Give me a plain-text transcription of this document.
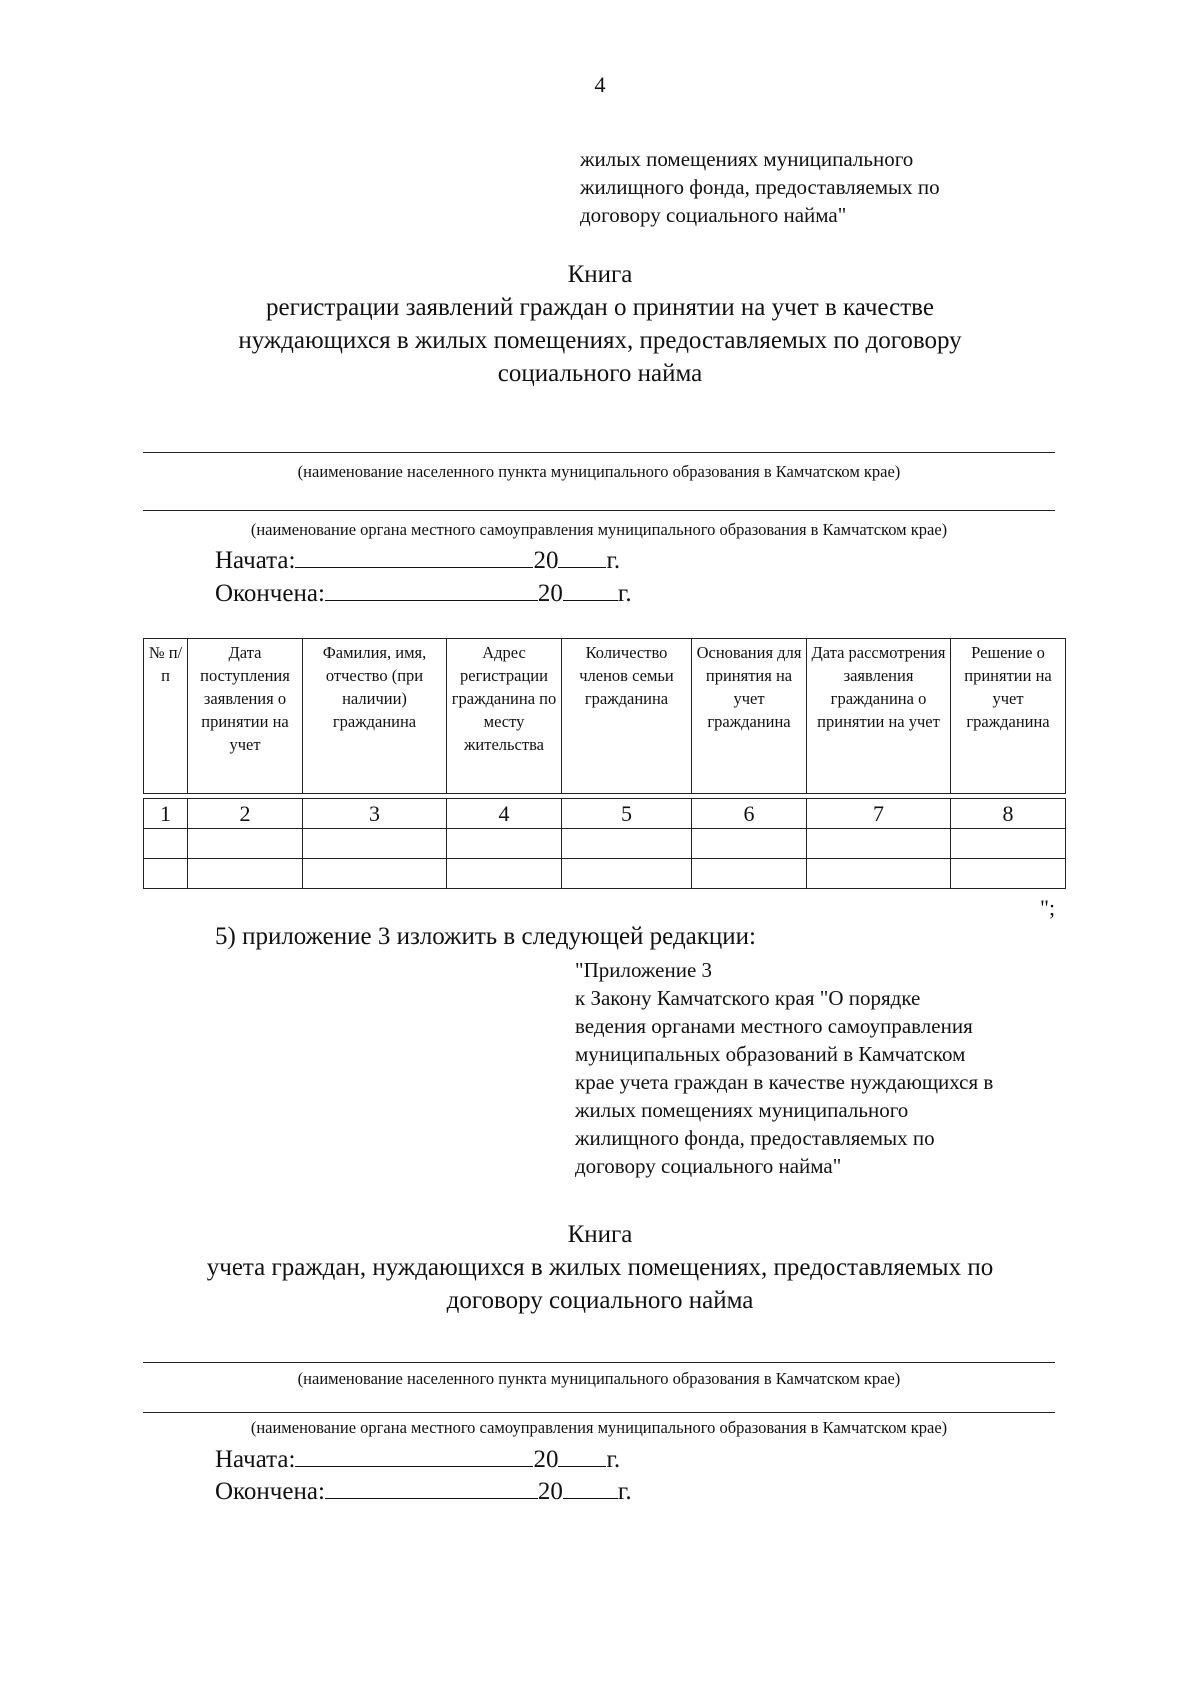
4
жилых помещениях муниципального
жилищного фонда, предоставляемых по
договору социального найма"
Книга
регистрации заявлений граждан о принятии на учет в качестве
нуждающихся в жилых помещениях, предоставляемых по договору
социального найма
(наименование населенного пункта муниципального образования в Камчатском крае)
(наименование органа местного самоуправления муниципального образования в Камчатском крае)
Начата:	20 г.
Окончена:	20 г.
№ п/п	Дата поступления заявления о принятии на учет	Фамилия, имя, отчество (при наличии) гражданина	Адрес регистрации гражданина по месту жительства	Количество членов семьи гражданина	Основания для принятия на учет гражданина	Дата рассмотрения заявления гражданина о принятии на учет	Решение о принятии на учет гражданина
1	2	3	4	5	6	7	8

";
5) приложение 3 изложить в следующей редакции:
"Приложение 3
к Закону Камчатского края "О порядке
ведения органами местного самоуправления
муниципальных образований в Камчатском
крае учета граждан в качестве нуждающихся в
жилых помещениях муниципального
жилищного фонда, предоставляемых по
договору социального найма"
Книга
учета граждан, нуждающихся в жилых помещениях, предоставляемых по
договору социального найма
(наименование населенного пункта муниципального образования в Камчатском крае)
(наименование органа местного самоуправления муниципального образования в Камчатском крае)
Начата:	20 г.
Окончена:	20 г.
